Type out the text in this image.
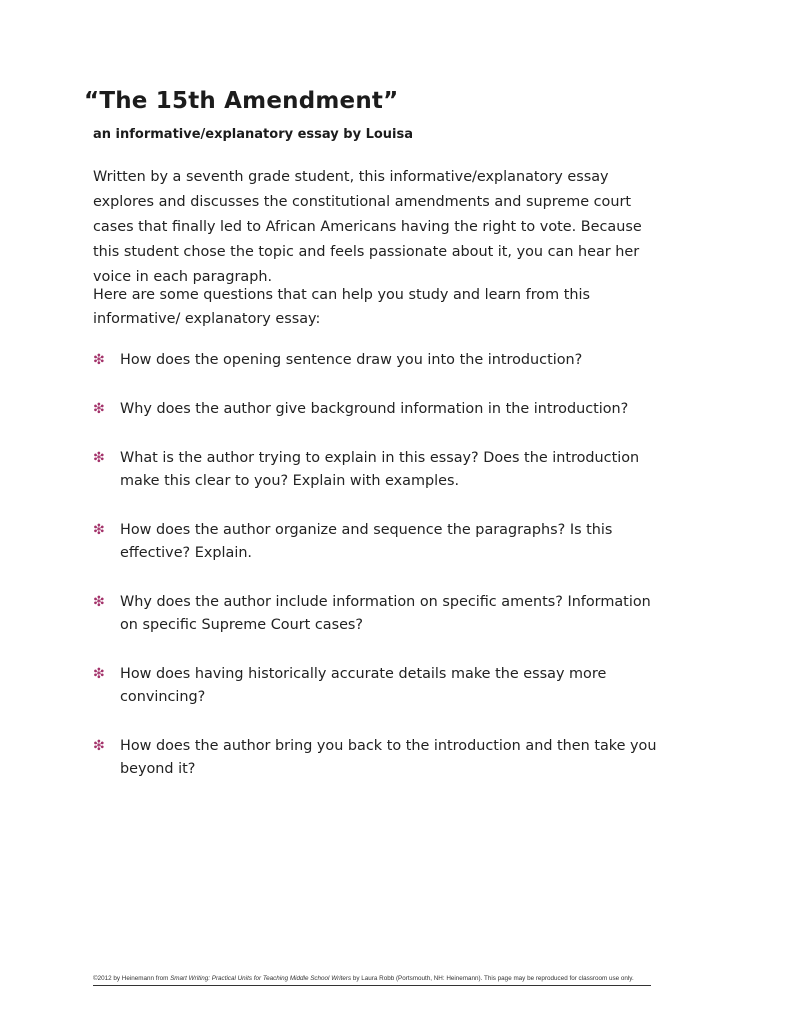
“The 15th Amendment”
an informative/explanatory essay by Louisa

Written by a seventh grade student, this informative/explanatory essay explores and discusses the constitutional amendments and supreme court cases that finally led to African Americans having the right to vote. Because this student chose the topic and feels passionate about it, you can hear her voice in each paragraph.

Here are some questions that can help you study and learn from this informative/ explanatory essay:

❇ How does the opening sentence draw you into the introduction?
❇ Why does the author give background information in the introduction?
❇ What is the author trying to explain in this essay? Does the introduction make this clear to you? Explain with examples.
❇ How does the author organize and sequence the paragraphs? Is this effective? Explain.
❇ Why does the author include information on specific aments? Information on specific Supreme Court cases?
❇ How does having historically accurate details make the essay more convincing?
❇ How does the author bring you back to the introduction and then take you beyond it?
©2012 by Heinemann from Smart Writing: Practical Units for Teaching Middle School Writers by Laura Robb (Portsmouth, NH: Heinemann). This page may be reproduced for classroom use only.
